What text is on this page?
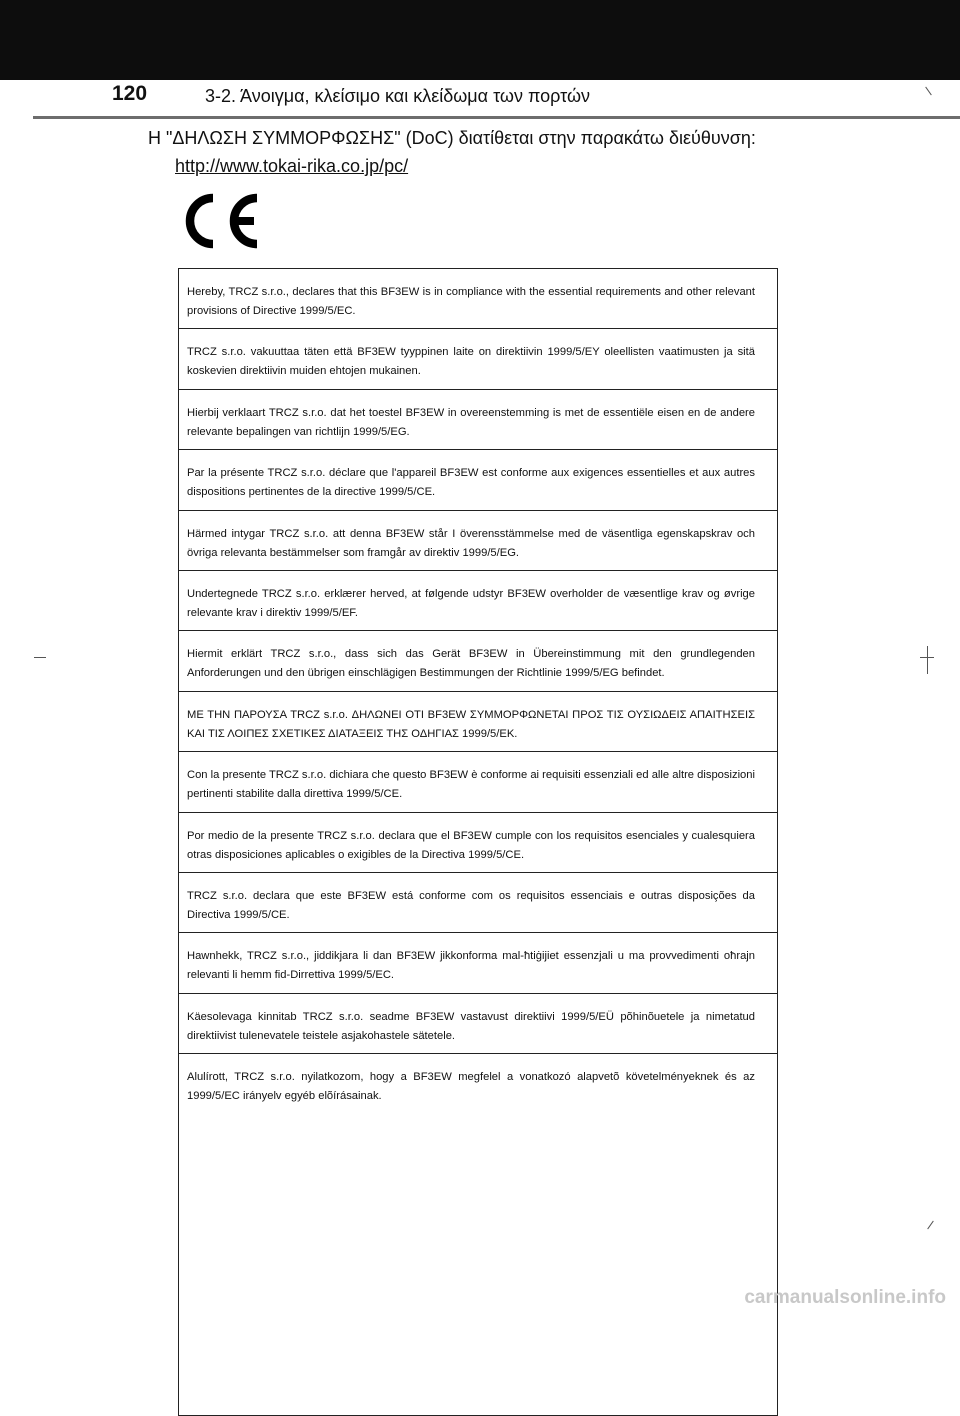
120	3-2. Άνοιγμα, κλείσιμο και κλείδωμα των πορτών
Η "ΔΗΛΩΣΗ ΣΥΜΜΟΡΦΩΣΗΣ" (DoC) διατίθεται στην παρακάτω διεύθυνση:
http://www.tokai-rika.co.jp/pc/
Hereby, TRCZ s.r.o., declares that this BF3EW is in compliance with the essential requirements and other relevant provisions of Directive 1999/5/EC.
TRCZ s.r.o. vakuuttaa täten että BF3EW tyyppinen laite on direktiivin 1999/5/EY oleellisten vaatimusten ja sitä koskevien direktiivin muiden ehtojen mukainen.
Hierbij verklaart TRCZ s.r.o. dat het toestel BF3EW in overeenstemming is met de essentiële eisen en de andere relevante bepalingen van richtlijn 1999/5/EG.
Par la présente TRCZ s.r.o. déclare que l'appareil BF3EW est conforme aux exigences essentielles et aux autres dispositions pertinentes de la directive 1999/5/CE.
Härmed intygar TRCZ s.r.o. att denna BF3EW står I överensstämmelse med de väsentliga egenskapskrav och övriga relevanta bestämmelser som framgår av direktiv 1999/5/EG.
Undertegnede TRCZ s.r.o. erklærer herved, at følgende udstyr BF3EW overholder de væsentlige krav og øvrige relevante krav i direktiv 1999/5/EF.
Hiermit erklärt TRCZ s.r.o., dass sich das Gerät BF3EW in Übereinstimmung mit den grundlegenden Anforderungen und den übrigen einschlägigen Bestimmungen der Richtlinie 1999/5/EG befindet.
ΜΕ ΤΗΝ ΠΑΡΟΥΣΑ TRCZ s.r.o. ΔΗΛΩΝΕΙ ΟΤΙ BF3EW ΣΥΜΜΟΡΦΩΝΕΤΑΙ ΠΡΟΣ ΤΙΣ ΟΥΣΙΩΔΕΙΣ ΑΠΑΙΤΗΣΕΙΣ ΚΑΙ ΤΙΣ ΛΟΙΠΕΣ ΣΧΕΤΙΚΕΣ ΔΙΑΤΑΞΕΙΣ ΤΗΣ ΟΔΗΓΙΑΣ 1999/5/ΕΚ.
Con la presente TRCZ s.r.o. dichiara che questo BF3EW è conforme ai requisiti essenziali ed alle altre disposizioni pertinenti stabilite dalla direttiva 1999/5/CE.
Por medio de la presente TRCZ s.r.o. declara que el BF3EW cumple con los requisitos esenciales y cualesquiera otras disposiciones aplicables o exigibles de la Directiva 1999/5/CE.
TRCZ s.r.o. declara que este BF3EW está conforme com os requisitos essenciais e outras disposições da Directiva 1999/5/CE.
Hawnhekk, TRCZ s.r.o., jiddikjara li dan BF3EW jikkonforma mal-ħtiġijiet essenzjali u ma provvedimenti oħrajn relevanti li hemm fid-Dirrettiva 1999/5/EC.
Käesolevaga kinnitab TRCZ s.r.o. seadme BF3EW vastavust direktiivi 1999/5/EÜ põhinõuetele ja nimetatud direktiivist tulenevatele teistele asjakohastele sätetele.
Alulírott, TRCZ s.r.o. nyilatkozom, hogy a BF3EW megfelel a vonatkozó alapvetõ követelményeknek és az 1999/5/EC irányelv egyéb elõírásainak.
carmanualsonline.info
